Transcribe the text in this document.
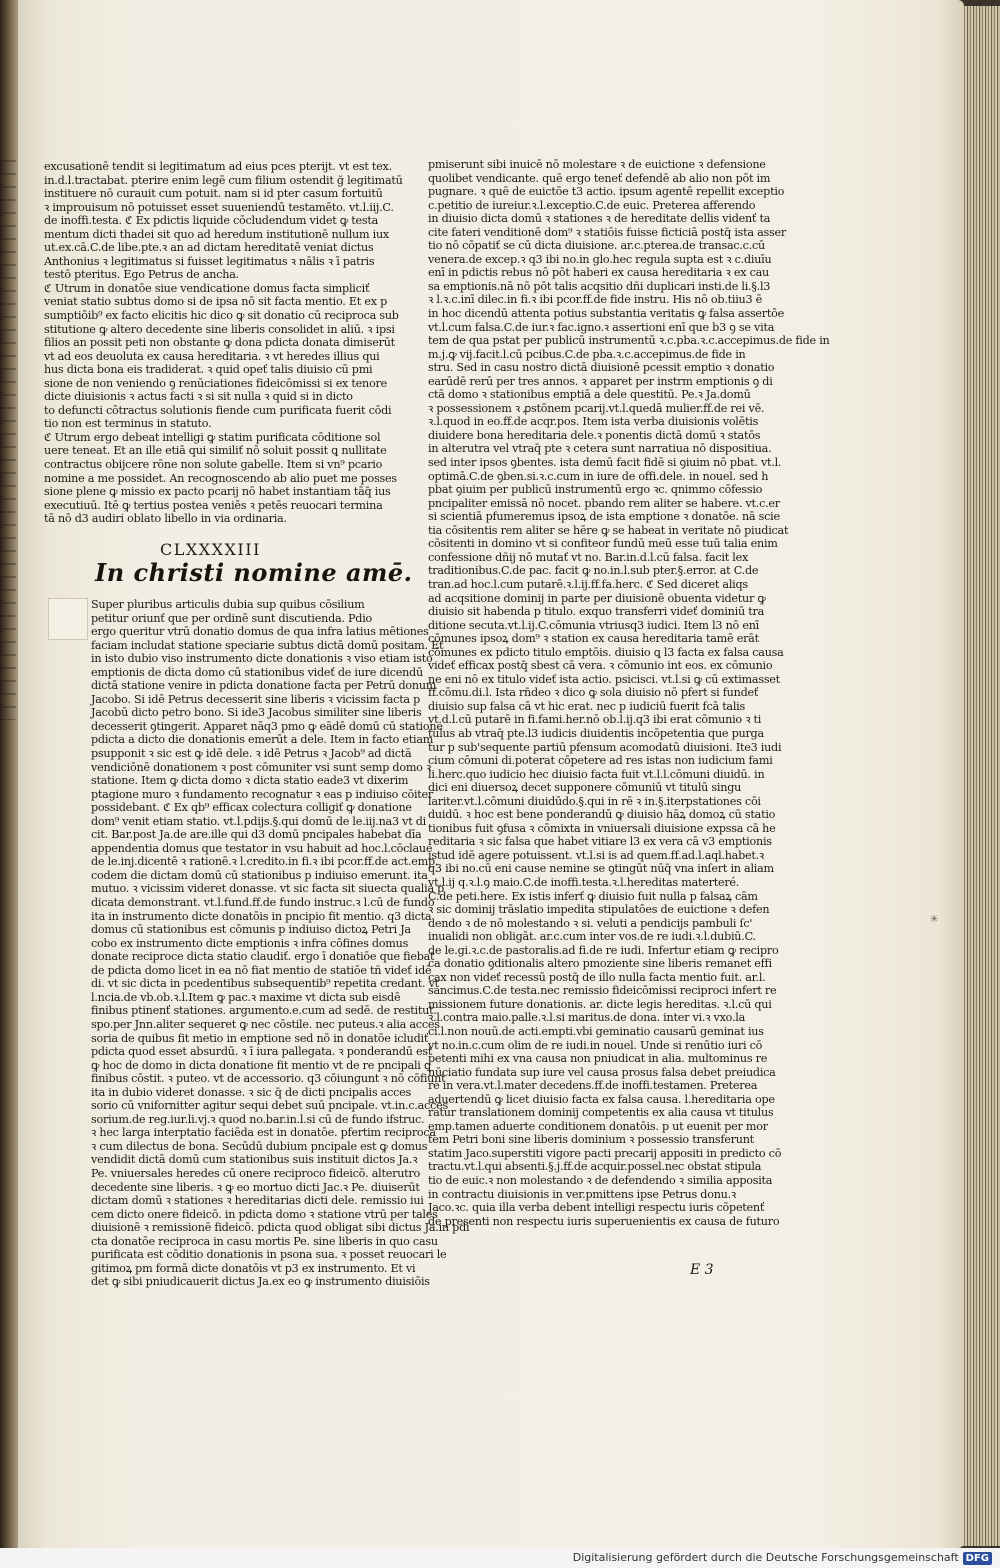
excusationē tendit si legitimatum ad eius pces pterijt. vt est tex.
in.d.l.tractabat. pterire enim legē cum filium ostendit ğ legitimatū
instituere nō curauit cum potuit. nam si id pter casum fortuitū
ꝛ improuisum nō potuisset esset suueniendū testamēto. vt.l.iij.C.
de inoffi.testa. ℭ Ex pdictis liquide cōcludendum videt ꝙ testa
mentum dicti thadei sit quo ad heredum institutionē nullum iux
ut.ex.cā.C.de libe.pte.ꝛ an ad dictam hereditatē veniat dictus
Anthonius ꝛ legitimatus si fuisset legitimatus ꝛ nālis ꝛ ī patris
testō pteritus. Ego Petrus de ancha.
ℭ Utrum in donatōe siue vendicatione domus facta simpliciť
veniat statio subtus domo si de ipsa nō sit facta mentio. Et ex p
sumptiōib⁹ ex facto elicitis hic dico ꝙ sit donatio cū reciproca sub
stitutione ꝙ altero decedente sine liberis consolidet in aliū. ꝛ ipsi
filios an possit peti non obstante ꝙ dona pdicta donata dimiserūt
vt ad eos deuoluta ex causa hereditaria. ꝛ vt heredes illius qui
hus dicta bona eis tradiderat. ꝛ quid opeť talis diuisio cū pmi
sione de non veniendo ꝯ renūciationes fideicōmissi si ex tenore
dicte diuisionis ꝛ actus facti ꝛ si sit nulla ꝛ quid si in dicto
to defuncti cōtractus solutionis fiende cum purificata fuerit cōdi
tio non est terminus in statuto.
ℭ Utrum ergo debeat intelligi ꝙ statim purificata cōditione sol
uere teneat. Et an ille etiā qui similiť nō soluit possit ꝗ nullitate
contractus obijcere rōne non solute gabelle. Item si vn⁹ pcario
nomine a me possidet. An recognoscendo ab alio puet me posses
sione plene ꝙ missio ex pacto pcarij nō habet instantiam tāq̄ ius
executiuū. Itē ꝙ tertius postea veniēs ꝛ petēs reuocari termina
tā nō d3 audiri oblato libello in via ordinaria.
CLXXXXIII
In christi nomine amē.
Super pluribus articulis dubia sup quibus cōsilium
petitur oriunť que per ordinē sunt discutienda. Pdio
ergo queritur vtrū donatio domus de qua infra latius mētiones
faciam includat statione speciarie subtus dictā domū positam. Et
in isto dubio viso instrumento dicte donationis ꝛ viso etiam isto
emptionis de dicta domo cū stationibus videť de iure dicendū
dictā statione venire in pdicta donatione facta per Petrū donum
Jacobo. Si idē Petrus decesserit sine liberis ꝛ vicissim facta p
Jacobū dicto petro bono. Si ide3 Jacobus similiter sine liberis
decesserit ꝯtingerit. Apparet nāq3 pmo ꝙ eādē domū cū statione
pdicta a dicto die donationis emerūt a dele. Item in facto etiam
psupponit ꝛ sic est ꝙ idē dele. ꝛ idē Petrus ꝛ Jacob⁹ ad dictā
vendiciōnē donationem ꝛ post cōmuniter vsi sunt semp domo ꝛ
statione. Item ꝙ dicta domo ꝛ dicta statio eade3 vt dixerim
ptagione muro ꝛ fundamento recognatur ꝛ eas p indiuiso cōiter
possidebant. ℭ Ex qb⁹ efficax colectura colligiť ꝙ donatione
dom⁹ venit etiam statio. vt.l.pdijs.§.qui domū de le.iij.na3 vt di
cit. Bar.post Ja.de are.ille qui d3 domū pncipales habebat dīa
appendentia domus que testator in vsu habuit ad hoc.l.cōclaue
de le.inj.dicentē ꝛ rationē.ꝛ l.credito.in fi.ꝛ ibi pcor.ff.de act.emp.
codem die dictam domū cū stationibus p indiuiso emerunt. ita
mutuo. ꝛ vicissim videret donasse. vt sic facta sit siuecta qualia p
dicata demonstrant. vt.l.fund.ff.de fundo instruc.ꝛ l.cū de fundo
ita in instrumento dicte donatōis in pncipio fit mentio. q3 dicta
domus cū stationibus est cōmunis p indiuiso dictoꝝ Petri Ja
cobo ex instrumento dicte emptionis ꝛ infra cōfines domus
donate reciproce dicta statio claudiť. ergo ī donatiōe que fiebat
de pdicta domo licet in ea nō fiat mentio de statiōe tñ videť idē
di. vt sic dicta in pcedentibus subsequentib⁹ repetita credant. vt
l.ncia.de vb.ob.ꝛ.l.Item ꝙ pac.ꝛ maxime vt dicta sub eisdē
finibus ptinenť stationes. argumento.e.cum ad sedē. de restitut.
spo.per Jnn.aliter sequeret ꝙ nec cōstile. nec puteus.ꝛ alia acces
soria de quibus fit metio in emptione sed nō in donatōe icludiť
pdicta quod esset absurdū. ꝛ ī iura pallegata. ꝛ ponderandū est
ꝙ hoc de domo in dicta donatione fit mentio vt de re pncipali ꝗ
finibus cōstit. ꝛ puteo. vt de accessorio. q3 cōiungunt ꝛ nō cōfiunt
ita in dubio videret donasse. ꝛ sic q̄ de dicti pncipalis acces
sorio cū vnifornitter agitur sequi debet suū pncipale. vt.in.c.acces
sorium.de reg.iur.li.vj.ꝛ quod no.bar.in.l.si cū de fundo ifstruc.
ꝛ hec larga interptatio faciēda est in donatōe. pfertim reciproca
ꝛ cum dilectus de bona. Secūdū dubium pncipale est ꝙ domus
vendidit dictā domū cum stationibus suis instituit dictos Ja.ꝛ
Pe. vniuersales heredes cū onere reciproco fideicō. alterutro
decedente sine liberis. ꝛ ꝙ eo mortuo dicti Jac.ꝛ Pe. diuiserūt
dictam domū ꝛ stationes ꝛ hereditarias dicti dele. remissio iui
cem dicto onere fideicō. in pdicta domo ꝛ statione vtrū per tales
diuisionē ꝛ remissionē fideicō. pdicta quod obligat sibi dictus Ja.in pdi
cta donatōe reciproca in casu mortis Pe. sine liberis in quo casu
purificata est cōditio donationis in psona sua. ꝛ posset reuocari le
gitimoꝝ pm formā dicte donatōis vt p3 ex instrumento. Et vi
det ꝙ sibi pniudicauerit dictus Ja.ex eo ꝙ instrumento diuisiōis
pmiserunt sibi inuicē nō molestare ꝛ de euictione ꝛ defensione
quolibet vendicante. quē ergo teneť defendē ab alio non pōt im
pugnare. ꝛ quē de euictōe t3 actio. ipsum agentē repellit exceptio
c.petitio de iureiur.ꝛ.l.exceptio.C.de euic. Preterea afferendo
in diuisio dicta domū ꝛ stationes ꝛ de hereditate dellis videnť ta
cite fateri venditionē dom⁹ ꝛ statiōis fuisse ficticiā postq̄ ista asser
tio nō cōpatiť se cū dicta diuisione. ar.c.pterea.de transac.c.cū
venera.de excep.ꝛ q3 ibi no.in glo.hec regula supta est ꝛ c.diuīu
enī in pdictis rebus nō pōt haberi ex causa hereditaria ꝛ ex cau
sa emptionis.nā nō pōt talis acqsitio dñi duplicari insti.de li.§.l3
ꝛ l.ꝛ.c.inī dilec.in fi.ꝛ ibi pcor.ff.de fide instru. His nō ob.tiiu3 ē
in hoc dicendū attenta potius substantia veritatis ꝙ falsa assertōe
vt.l.cum falsa.C.de iur.ꝛ fac.igno.ꝛ assertioni enī que b3 ꝯ se vita
tem de qua pstat per publicū instrumentū ꝛ.c.pba.ꝛ.c.accepimus.de fide in
m.j.ꝙ vij.facit.l.cū pcibus.C.de pba.ꝛ.c.accepimus.de fide in
stru. Sed in casu nostro dictā diuisionē pcessit emptio ꝛ donatio
earūdē rerū per tres annos. ꝛ apparet per instrm emptionis ꝯ di
ctā domo ꝛ stationibus emptiā a dele questitū. Pe.ꝛ Ja.domū
ꝛ possessionem ꝛ ꝓstōnem pcarij.vt.l.quedā mulier.ff.de rei vē.
ꝛ.l.quod in eo.ff.de acqr.pos. Item ista verba diuisionis volētis
diuidere bona hereditaria dele.ꝛ ponentis dictā domū ꝛ statōs
in alterutra vel vtraq̄ pte ꝛ cetera sunt narratiua nō dispositiua.
sed inter ipsos ꝯbentes. ista demū facit fidē si ꝯiuim nō pbat. vt.l.
optimā.C.de ꝯben.si.ꝛ.c.cum in iure de offi.dele. in nouel. sed h
pbat ꝯiuim per publicū instrumentū ergo ꝛc. qnimmo cōfessio
pncipaliter emissā nō nocet. pbando rem aliter se habere. vt.c.er
si scientiā pfumeremus ipsoꝝ de ista emptione ꝛ donatōe. nā scie
tia cōsitentis rem aliter se hēre ꝙ se habeat in veritate nō piudicat
cōsitenti in domino vt si confiteor fundū meū esse tuū talia enim
confessione dñij nō mutať vt no. Bar.in.d.l.cū falsa. facit lex
traditionibus.C.de pac. facit ꝙ no.in.l.sub pter.§.error. at C.de
tran.ad hoc.l.cum putarē.ꝛ.l.ij.ff.fa.herc. ℭ Sed diceret aliqs
ad acqsitione dominij in parte per diuisionē obuenta videtur ꝙ
diuisio sit habenda p titulo. exquo transferri videť dominiū tra
ditione secuta.vt.l.ij.C.cōmunia vtriusq3 iudici. Item l3 nō enī
cōmunes ipsoꝝ dom⁹ ꝛ station ex causa hereditaria tamē erāt
cōmunes ex pdicto titulo emptōis. diuisio ꝗ l3 facta ex falsa causa
videť efficax postq̄ sbest cā vera. ꝛ cōmunio int eos. ex cōmunio
ne eni nō ex titulo videť ista actio. psicisci. vt.l.si ꝙ cū extimasset
ff.cōmu.di.l. Ista rn̄deo ꝛ dico ꝙ sola diuisio nō pfert si fundeť
diuisio sup falsa cā vt hic erat. nec p iudiciū fuerit fcā talis
vt.d.l.cū putarē in fi.fami.her.nō ob.l.ij.q3 ibi erat cōmunio ꝛ ti
tulus ab vtraq̄ pte.l3 iudicis diuidentis incōpetentia que purga
tur p sub'sequente partiū pfensum acomodatū diuisioni. Ite3 iudi
cium cōmuni di.poterat cōpetere ad res istas non iudicium fami
li.herc.quo iudicio hec diuisio facta fuit vt.l.l.cōmuni diuidū. in
dici eni diuersoꝝ decet supponere cōmuniū vt titulū singu
lariter.vt.l.cōmuni diuidūdo.§.qui in rē ꝛ in.§.iterpstationes cōi
duidū. ꝛ hoc est bene ponderandū ꝙ diuisio hāꝝ domoꝝ cū statio
tionibus fuit ꝯfusa ꝛ cōmixta in vniuersali diuisione expssa cā he
reditaria ꝛ sic falsa que habet vitiare l3 ex vera cā v3 emptionis
istud idē agere potuissent. vt.l.si is ad quem.ff.ad.l.aql.habet.ꝛ
q3 ibi no.cū eni cause nemine se ꝯtingūt nūq̄ vna inſert in aliam
vt.l.ij q.ꝛ.l.ꝯ maio.C.de inoffi.testa.ꝛ.l.hereditas materteré.
C.de peti.here. Ex istis inferť ꝙ diuisio fuit nulla p falsaꝝ cām
ꝛ sic dominij trāslatio impedita stipulatōes de euictione ꝛ defen
dendo ꝛ de nō molestando ꝛ si. veluti a pendicijs pambuli ſc'
inualidi non obligāt. ar.c.cum inter vos.de re iudi.ꝛ.l.dubiū.C.
de le.gi.ꝛ.c.de pastoralis.ad fi.de re iudi. Infertur etiam ꝙ recipro
ca donatio ꝯditionalis altero pmoziente sine liberis remanet effi
cax non videť recessū postq̄ de illo nulla facta mentio fuit. ar.l.
sancimus.C.de testa.nec remissio fideicōmissi reciproci infert re
missionem future donationis. ar. dicte legis hereditas. ꝛ.l.cū qui
ꝛ.l.contra maio.palle.ꝛ.l.si maritus.de dona. inter vi.ꝛ vxo.la
ci.l.non nouū.de acti.empti.vbi geminatio causarū geminat ius
vt no.in.c.cum olim de re iudi.in nouel. Unde si renūtio iuri cō
petenti mihi ex vna causa non pniudicat in alia. multominus re
nūciatio fundata sup iure vel causa prosus falsa debet preiudica
re in vera.vt.l.mater decedens.ff.de inoffi.testamen. Preterea
aduertendū ꝙ licet diuisio facta ex falsa causa. l.hereditaria ope
ratur translationem dominij competentis ex alia causa vt titulus
emp.tamen aduerte conditionem donatōis. p ut euenit per mor
tem Petri boni sine liberis dominium ꝛ possessio transferunt
statim Jaco.superstiti vigore pacti precarij appositi in predicto cō
tractu.vt.l.qui absenti.§.j.ff.de acquir.possel.nec obstat stipula
tio de euic.ꝛ non molestando ꝛ de defendendo ꝛ similia apposita
in contractu diuisionis in ver.pmittens ipse Petrus donu.ꝛ
Jaco.ꝛc. quia illa verba debent intelligi respectu iuris cōpetenť
de presenti non respectu iuris superuenientis ex causa de futuro
E 3
✳
Digitalisierung gefördert durch die Deutsche Forschungsgemeinschaft DFG
